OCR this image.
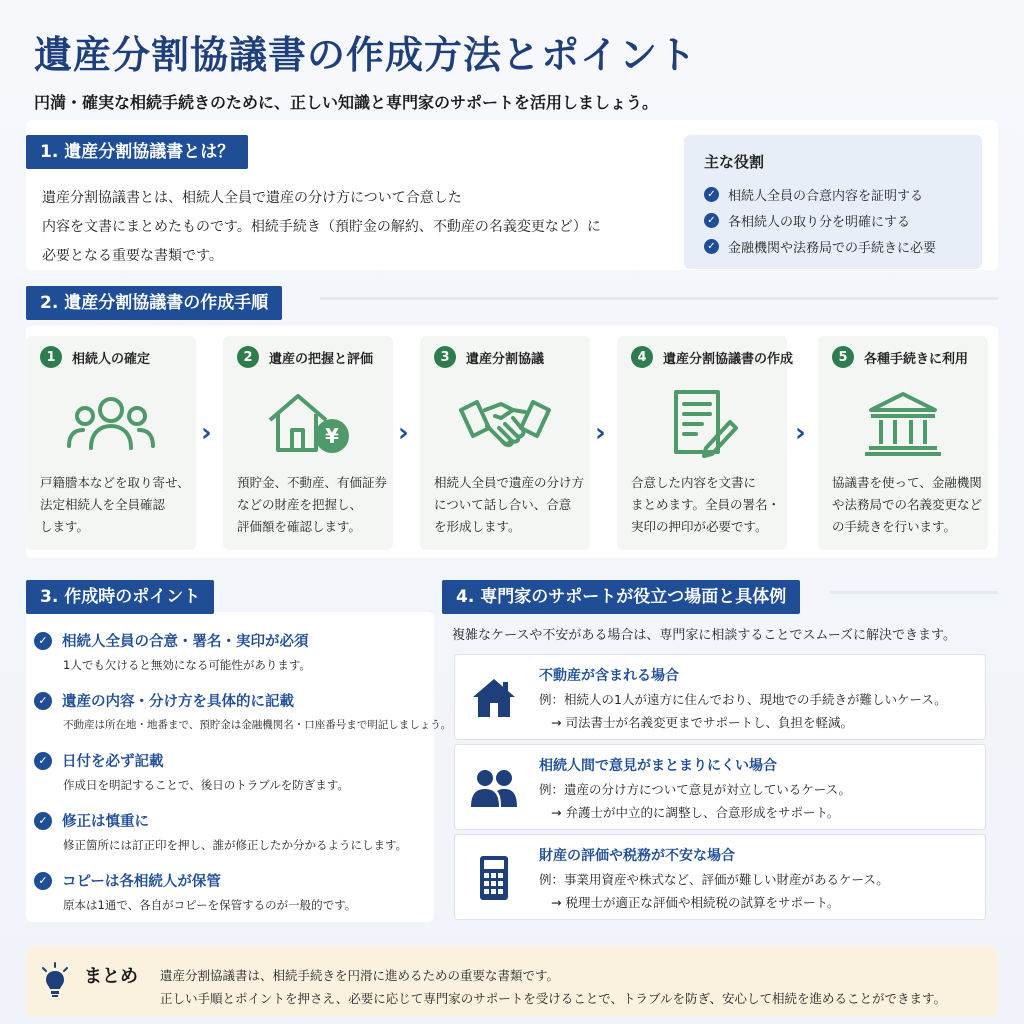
遺産分割協議書の作成方法とポイント
円満・確実な相続手続きのために、正しい知識と専門家のサポートを活用しましょう。
1. 遺産分割協議書とは？
遺産分割協議書とは、相続人全員で遺産の分け方について合意した
内容を文書にまとめたものです。相続手続き（預貯金の解約、不動産の名義変更など）に
必要となる重要な書類です。
主な役割
✓ 相続人全員の合意内容を証明する
✓ 各相続人の取り分を明確にする
✓ 金融機関や法務局での手続きに必要
2. 遺産分割協議書の作成手順
1	相続人の確定
戸籍謄本などを取り寄せ、
法定相続人を全員確認
します。
›
2	遺産の把握と評価
¥
預貯金、不動産、有価証券
などの財産を把握し、
評価額を確認します。
›
3	遺産分割協議
相続人全員で遺産の分け方
について話し合い、合意
を形成します。
›
4	遺産分割協議書の作成
合意した内容を文書に
まとめます。全員の署名・
実印の押印が必要です。
›
5	各種手続きに利用
協議書を使って、金融機関
や法務局での名義変更など
の手続きを行います。
3. 作成時のポイント
✓ 相続人全員の合意・署名・実印が必須
1人でも欠けると無効になる可能性があります。
✓ 遺産の内容・分け方を具体的に記載
不動産は所在地・地番まで、預貯金は金融機関名・口座番号まで明記しましょう。
✓ 日付を必ず記載
作成日を明記することで、後日のトラブルを防ぎます。
✓ 修正は慎重に
修正箇所には訂正印を押し、誰が修正したか分かるようにします。
✓ コピーは各相続人が保管
原本は1通で、各自がコピーを保管するのが一般的です。
4. 専門家のサポートが役立つ場面と具体例
複雑なケースや不安がある場合は、専門家に相談することでスムーズに解決できます。
不動産が含まれる場合
例：相続人の1人が遠方に住んでおり、現地での手続きが難しいケース。
→ 司法書士が名義変更までサポートし、負担を軽減。
相続人間で意見がまとまりにくい場合
例：遺産の分け方について意見が対立しているケース。
→ 弁護士が中立的に調整し、合意形成をサポート。
財産の評価や税務が不安な場合
例：事業用資産や株式など、評価が難しい財産があるケース。
→ 税理士が適正な評価や相続税の試算をサポート。
まとめ 遺産分割協議書は、相続手続きを円滑に進めるための重要な書類です。
正しい手順とポイントを押さえ、必要に応じて専門家のサポートを受けることで、トラブルを防ぎ、安心して相続を進めることができます。
